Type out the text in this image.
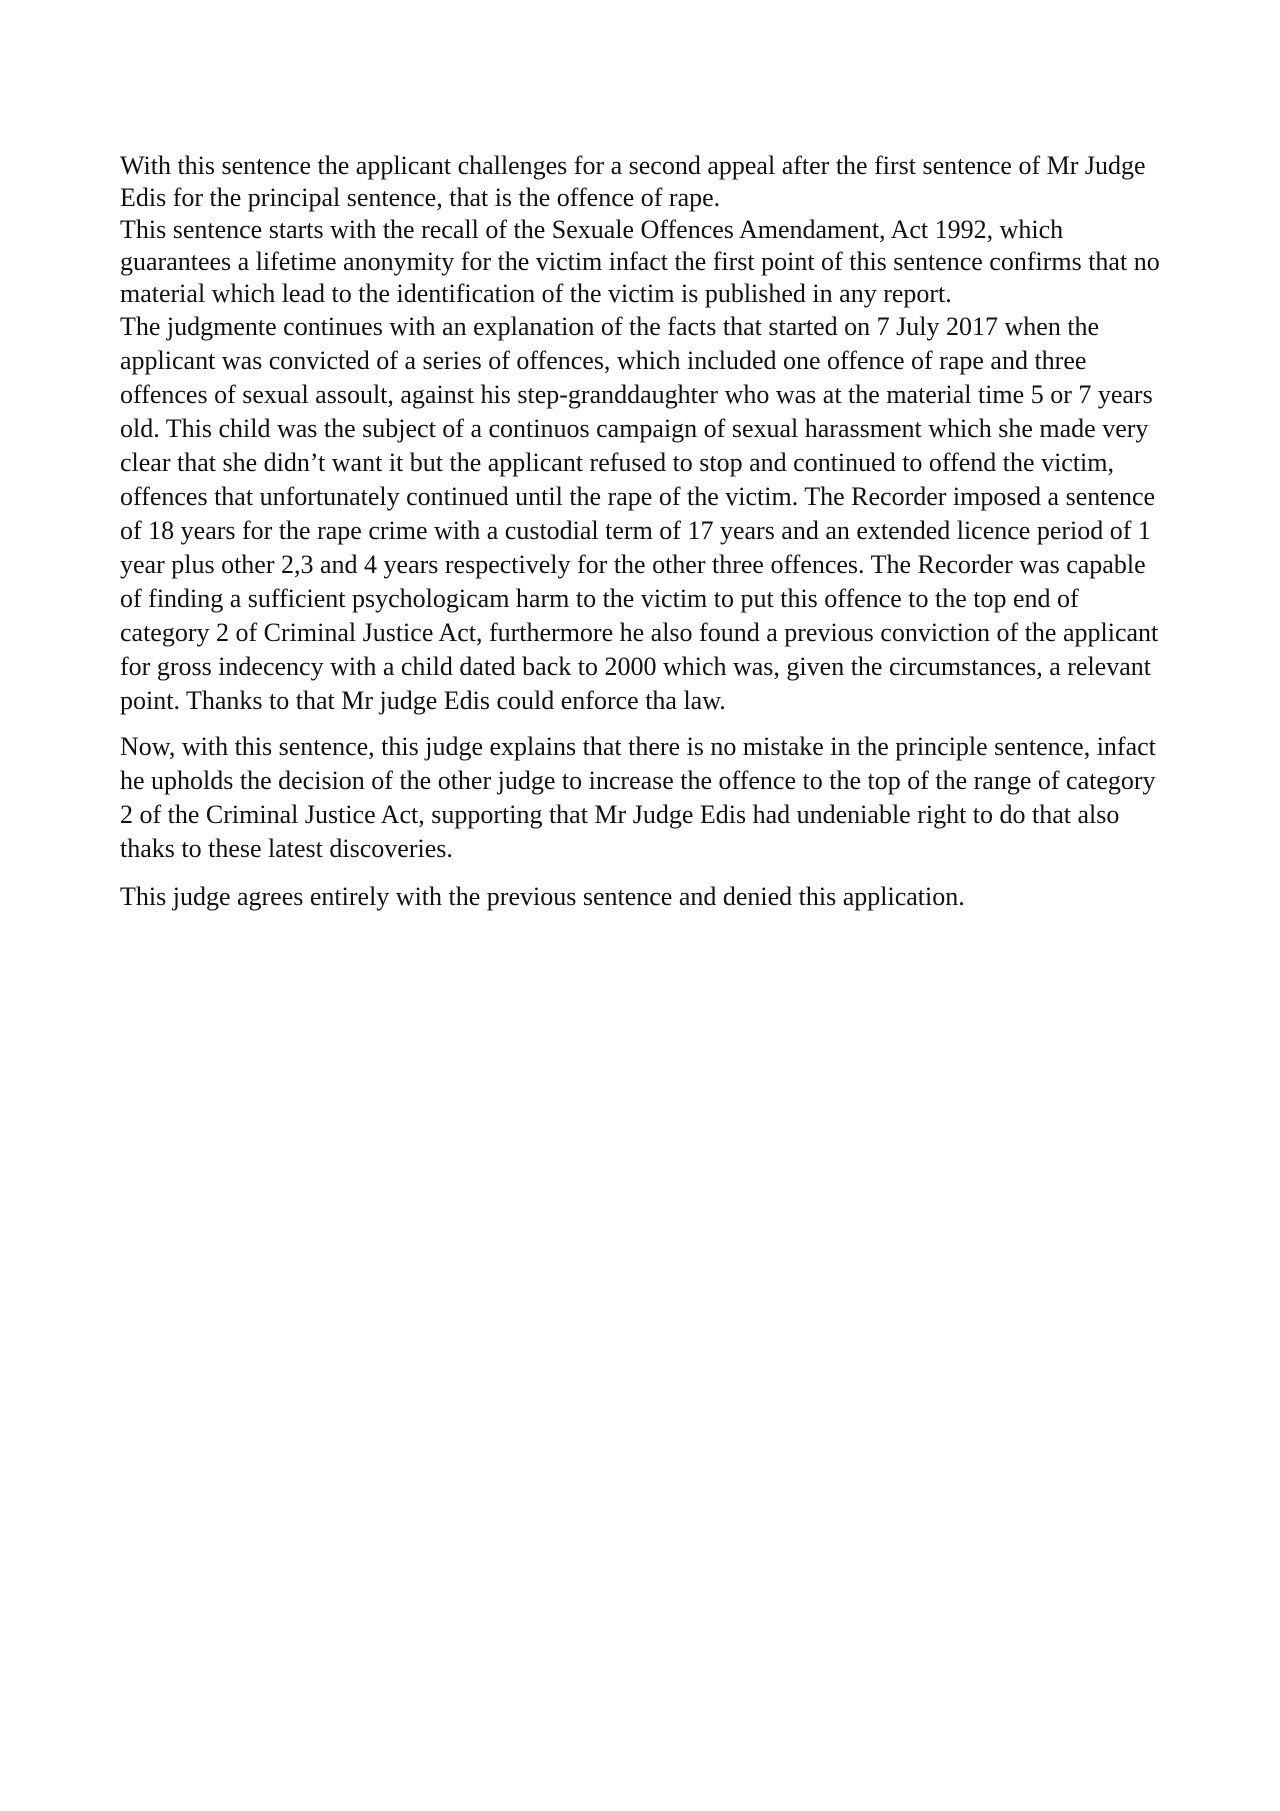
With this sentence the applicant challenges for a second appeal after the first sentence of Mr Judge Edis for the principal sentence, that is the offence of rape.

This sentence starts with the recall of the Sexuale Offences Amendament, Act 1992, which guarantees a lifetime anonymity for the victim infact the first point of this sentence confirms that no material which lead to the identification of the victim is published in any report.

The judgmente continues with an explanation of the facts that started on 7 July 2017 when the applicant was convicted of a series of offences, which included one offence of rape and three offences of sexual assoult, against his step-granddaughter who was at the material time 5 or 7 years old. This child was the subject of a continuos campaign of sexual harassment which she made very clear that she didn’t want it but the applicant refused to stop and continued to offend the victim, offences that unfortunately continued until the rape of the victim. The Recorder imposed a sentence of 18 years for the rape crime with a custodial term of 17 years and an extended licence period of 1 year plus other 2,3 and 4 years respectively for the other three offences. The Recorder was capable of finding a sufficient psychologicam harm to the victim to put this offence to the top end of category 2 of Criminal Justice Act, furthermore he also found a previous conviction of the applicant for gross indecency with a child dated back to 2000 which was, given the circumstances, a relevant point. Thanks to that Mr judge Edis could enforce tha law.

Now, with this sentence, this judge explains that there is no mistake in the principle sentence, infact he upholds the decision of the other judge to increase the offence to the top of the range of category 2 of the Criminal Justice Act, supporting that Mr Judge Edis had undeniable right to do that also thaks to these latest discoveries.

This judge agrees entirely with the previous sentence and denied this application.
